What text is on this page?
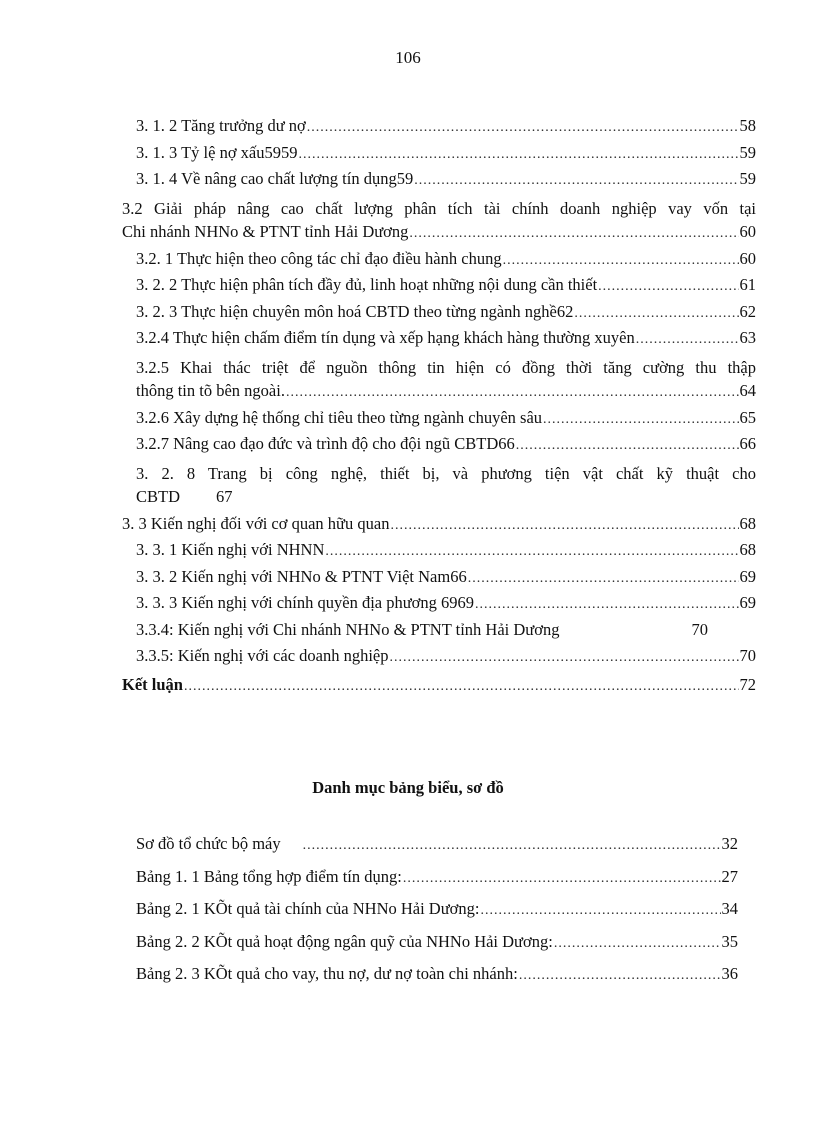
106
3. 1. 2 Tăng trưởng dư nợ .....	58
3. 1. 3 Tỷ lệ nợ xấu5959 .....	59
3. 1. 4 Về nâng cao chất lượng tín dụng59 .....	59
3.2 Giải pháp nâng cao chất lượng phân tích tài chính doanh nghiệp vay vốn tại
Chi nhánh NHNo & PTNT tỉnh Hải Dương .....	60
3.2. 1 Thực hiện theo công tác chỉ đạo điều hành chung .....	60
3. 2. 2 Thực hiện phân tích đầy đủ, linh hoạt những nội dung cần thiết .....	61
3. 2. 3 Thực hiện chuyên môn hoá CBTD theo từng ngành nghề62 .....	62
3.2.4 Thực hiện chấm điểm tín dụng và xếp hạng khách hàng thường xuyên .....	63
3.2.5 Khai thác triệt để nguồn thông tin hiện có đồng thời tăng cường thu thập
thông tin tõ bên ngoài. .....	64
3.2.6 Xây dựng hệ thống chỉ tiêu theo từng ngành chuyên sâu .....	65
3.2.7 Nâng cao đạo đức và trình độ cho đội ngũ CBTD66 .....	66
3. 2. 8 Trang bị công nghệ, thiết bị, và phương tiện vật chất kỹ thuật cho
CBTD 67
3. 3 Kiến nghị đối với cơ quan hữu quan .....	68
3. 3. 1 Kiến nghị với NHNN .....	68
3. 3. 2 Kiến nghị với NHNo & PTNT Việt Nam66 .....	69
3. 3. 3 Kiến nghị với chính quyền địa phương 6969 .....	69
3.3.4: Kiến nghị với Chi nhánh NHNo & PTNT tỉnh Hải Dương	70
3.3.5: Kiến nghị với các doanh nghiệp .....	70
Kết luận .....	72
Danh mục bảng biểu, sơ đồ
Sơ đồ tổ chức bộ máy .....	32
Bảng 1. 1 Bảng tổng hợp điểm tín dụng: .....	27
Bảng 2. 1 KÕt quả tài chính của NHNo Hải Dương: .....	34
Bảng 2. 2 KÕt quả hoạt động ngân quỹ của NHNo Hải Dương: .....	35
Bảng 2. 3 KÕt quả cho vay, thu nợ, dư nợ toàn chi nhánh: .....	36
